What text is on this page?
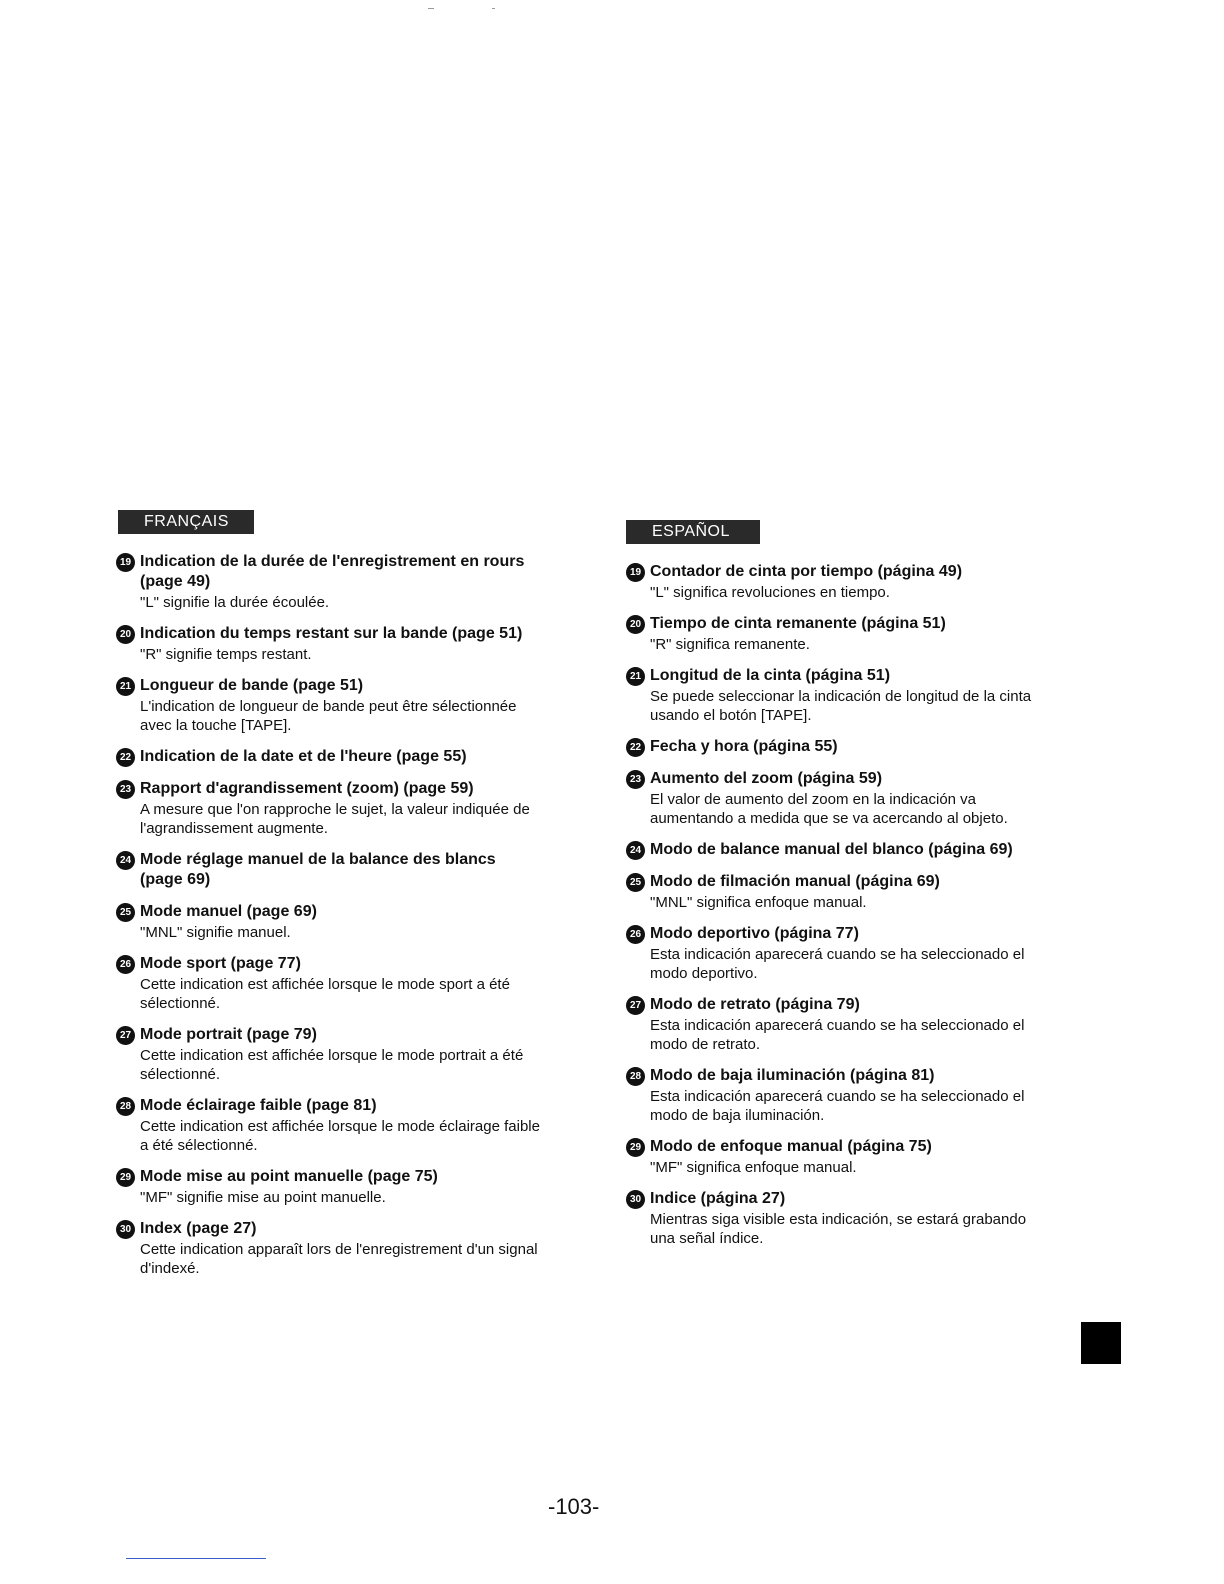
FRANÇAIS
19 Indication de la durée de l'enregistrement en rours (page 49)
"L" signifie la durée écoulée.
20 Indication du temps restant sur la bande (page 51)
"R" signifie temps restant.
21 Longueur de bande (page 51)
L'indication de longueur de bande peut être sélectionnée avec la touche [TAPE].
22 Indication de la date et de l'heure (page 55)
23 Rapport d'agrandissement (zoom) (page 59)
A mesure que l'on rapproche le sujet, la valeur indiquée de l'agrandissement augmente.
24 Mode réglage manuel de la balance des blancs (page 69)
25 Mode manuel (page 69)
"MNL" signifie manuel.
26 Mode sport (page 77)
Cette indication est affichée lorsque le mode sport a été sélectionné.
27 Mode portrait (page 79)
Cette indication est affichée lorsque le mode portrait a été sélectionné.
28 Mode éclairage faible (page 81)
Cette indication est affichée lorsque le mode éclairage faible a été sélectionné.
29 Mode mise au point manuelle (page 75)
"MF" signifie mise au point manuelle.
30 Index (page 27)
Cette indication apparaît lors de l'enregistrement d'un signal d'indexé.
ESPAÑOL
19 Contador de cinta por tiempo (página 49)
"L" significa revoluciones en tiempo.
20 Tiempo de cinta remanente (página 51)
"R" significa remanente.
21 Longitud de la cinta (página 51)
Se puede seleccionar la indicación de longitud de la cinta usando el botón [TAPE].
22 Fecha y hora (página 55)
23 Aumento del zoom (página 59)
El valor de aumento del zoom en la indicación va aumentando a medida que se va acercando al objeto.
24 Modo de balance manual del blanco (página 69)
25 Modo de filmación manual (página 69)
"MNL" significa enfoque manual.
26 Modo deportivo (página 77)
Esta indicación aparecerá cuando se ha seleccionado el modo deportivo.
27 Modo de retrato (página 79)
Esta indicación aparecerá cuando se ha seleccionado el modo de retrato.
28 Modo de baja iluminación (página 81)
Esta indicación aparecerá cuando se ha seleccionado el modo de baja iluminación.
29 Modo de enfoque manual (página 75)
"MF" significa enfoque manual.
30 Indice (página 27)
Mientras siga visible esta indicación, se estará grabando una señal índice.
-103-
